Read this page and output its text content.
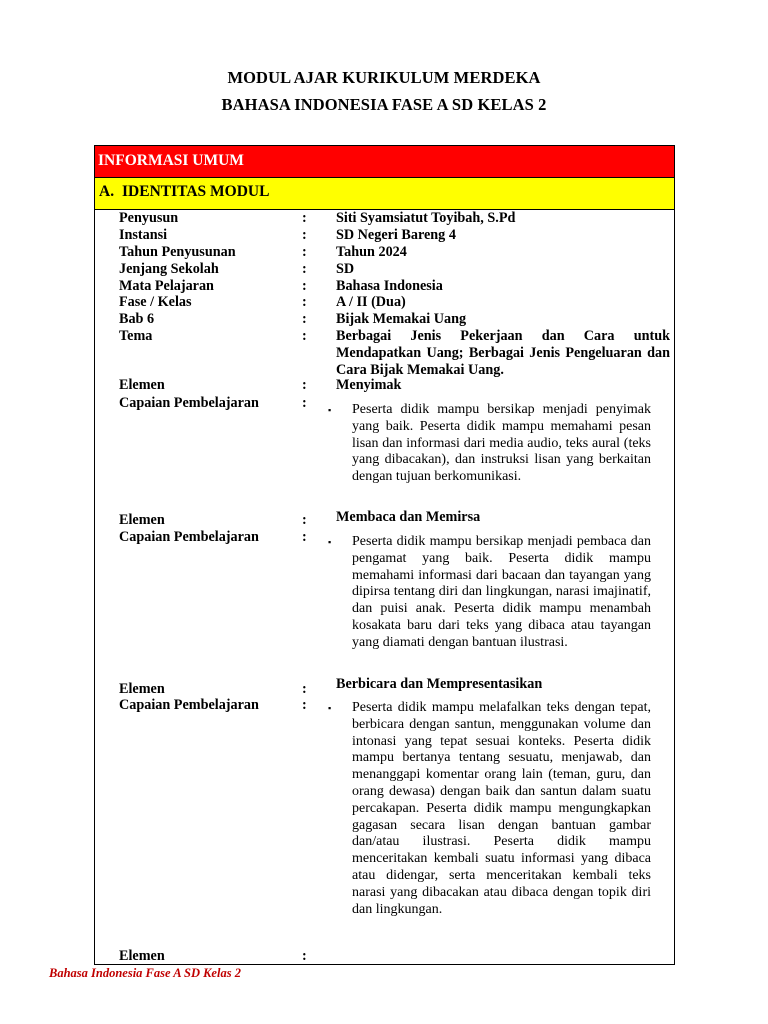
MODUL AJAR KURIKULUM MERDEKA
BAHASA INDONESIA FASE A SD KELAS 2
INFORMASI UMUM
A. IDENTITAS MODUL
Penyusun	: Siti Syamsiatut Toyibah, S.Pd
Instansi	: SD Negeri Bareng 4
Tahun Penyusunan	: Tahun 2024
Jenjang Sekolah	: SD
Mata Pelajaran	: Bahasa Indonesia
Fase / Kelas	: A / II (Dua)
Bab 6	: Bijak Memakai Uang
Tema	: Berbagai Jenis Pekerjaan dan Cara untuk Mendapatkan Uang; Berbagai Jenis Pengeluaran dan Cara Bijak Memakai Uang.
Elemen	: Menyimak
Capaian Pembelajaran	: ▪	Peserta didik mampu bersikap menjadi penyimak yang baik. Peserta didik mampu memahami pesan lisan dan informasi dari media audio, teks aural (teks yang dibacakan), dan instruksi lisan yang berkaitan dengan tujuan berkomunikasi.
Elemen	: Membaca dan Memirsa
Capaian Pembelajaran	: ▪	Peserta didik mampu bersikap menjadi pembaca dan pengamat yang baik. Peserta didik mampu memahami informasi dari bacaan dan tayangan yang dipirsa tentang diri dan lingkungan, narasi imajinatif, dan puisi anak. Peserta didik mampu menambah kosakata baru dari teks yang dibaca atau tayangan yang diamati dengan bantuan ilustrasi.
Elemen	: Berbicara dan Mempresentasikan
Capaian Pembelajaran	: ▪	Peserta didik mampu melafalkan teks dengan tepat, berbicara dengan santun, menggunakan volume dan intonasi yang tepat sesuai konteks. Peserta didik mampu bertanya tentang sesuatu, menjawab, dan menanggapi komentar orang lain (teman, guru, dan orang dewasa) dengan baik dan santun dalam suatu percakapan. Peserta didik mampu mengungkapkan gagasan secara lisan dengan bantuan gambar dan/atau ilustrasi. Peserta didik mampu menceritakan kembali suatu informasi yang dibaca atau didengar, serta menceritakan kembali teks narasi yang dibacakan atau dibaca dengan topik diri dan lingkungan.
Elemen	:
Bahasa Indonesia Fase A SD Kelas 2
